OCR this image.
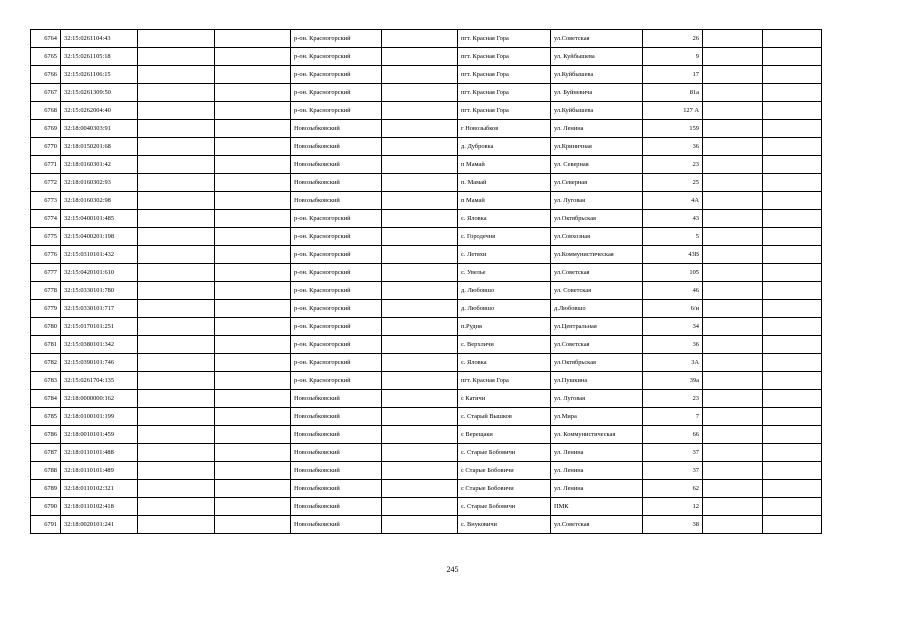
6764	32:15:0261104:43			р-он. Красногорский		пгт. Красная Гора	ул.Советская	26		
6765	32:15:0261105:18			р-он. Красногорский		пгт. Красная Гора	ул. Куйбышева	9		
6766	32:15:0261106:15			р-он. Красногорский		пгт. Красная Гора	ул.Куйбышева	17		
6767	32:15:0261309:50			р-он. Красногорский		пгт. Красная Гора	ул. Буйневича	81а		
6768	32:15:0262004:40			р-он. Красногорский		пгт. Красная Гора	ул.Куйбышева	127 А		
6769	32:18:0040303:91			Новозыбковский		г Новозыбков	ул. Ленина	159		
6770	32:18:0150201:68			Новозыбковский		д. Дубровка	ул.Криничная	36		
6771	32:18:0160301:42			Новозыбковский		п Мамай	ул. Северная	23		
6772	32:18:0160302:93			Новозыбковский		п. Мамай	ул.Северная	25		
6773	32:18:0160302:98			Новозыбковский		п Мамай	ул. Луговая	4А		
6774	32:15:0400101:485			р-он. Красногорский		с. Яловка	ул.Октябрьская	43		
6775	32:15:0400201:198			р-он. Красногорский		с. Городечня	ул.Совхозная	5		
6776	32:15:0310101:432			р-он. Красногорский		с. Летяхи	ул.Коммунистическая	43В		
6777	32:15:0420101:610			р-он. Красногорский		с. Увелье	ул.Советская	105		
6778	32:15:0330101:780			р-он. Красногорский		д. Любовшо	ул. Советская	46		
6779	32:15:0330101:717			р-он. Красногорский		д. Любовшо	д.Любовшо	6/и		
6780	32:15:0170101:251			р-он. Красногорский		п.Рудня	ул.Центральная	34		
6781	32:15:0380101:342			р-он. Красногорский		с. Верхличи	ул.Советская	36		
6782	32:15:0390101:746			р-он. Красногорский		с. Яловка	ул.Октябрьская	3А		
6783	32:15:0261704:135			р-он. Красногорский		пгт. Красная Гора	ул.Пушкина	39а		
6784	32:18:0000000:162			Новозыбковский		с Катичи	ул. Луговая	23		
6785	32:18:0100101:199			Новозыбковский		с. Старый Вышков	ул.Мира	7		
6786	32:18:0010101:459			Новозыбковский		с Верещаки	ул. Коммунистическая	66		
6787	32:18:0110101:488			Новозыбковский		с. Старые Бобовичи	ул. Ленина	37		
6788	32:18:0110101:489			Новозыбковский		с Старые Бобовичи	ул. Ленина	37		
6789	32:18:0110102:321			Новозыбковский		с Старые Бобовичи	ул. Ленина	62		
6790	32:18:0110102:418			Новозыбковский		с. Старые Бобовичи	ПМК	12		
6791	32:18:0020101:241			Новозыбковский		с. Внуковичи	ул.Советская	38		
245
